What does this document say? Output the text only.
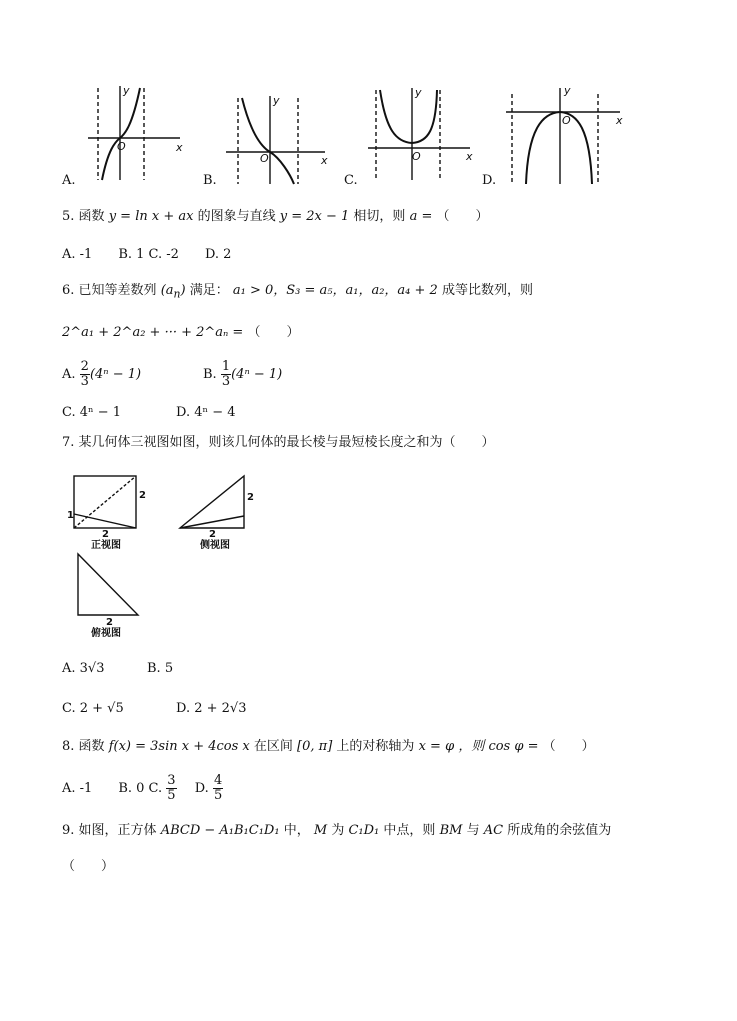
x
y
O
x
y
O	x
y
O
x
y
O
A.	B.	C.	D.
5. 函数 y = ln x + ax 的图象与直线 y = 2x − 1 相切，则 a = （　　）
A. -1　　B. 1 C. -2　　D. 2
6. 已知等差数列 $(a_n)$ 满足： a₁ > 0，S₃ = a₅，a₁，a₂，a₄ + 2 成等比数列，则
2^a₁ + 2^a₂ + ··· + 2^aₙ = （　　）
A. $\frac{2}{3} (4^n - 1)$	B. $\frac{1}{3} (4^n - 1)$
C. 4ⁿ − 1	D. 4ⁿ − 4
7. 某几何体三视图如图，则该几何体的最长棱与最短棱长度之和为（　　）
2
1
2
正视图
2
2
侧视图
2
俯视图
A. 3√3	B. 5
C. 2 + √5	D. 2 + 2√3
8. 函数 f(x) = 3sin x + 4cos x 在区间 [0, π] 上的对称轴为 x = φ ，则 cos φ = （　　）
A. -1　　B. 0 C. $\frac{3}{5} D$. $\frac{4}{5}$
9. 如图，正方体 ABCD − A₁B₁C₁D₁ 中， M 为 C₁D₁ 中点，则 BM 与 AC 所成角的余弦值为
（　　）
